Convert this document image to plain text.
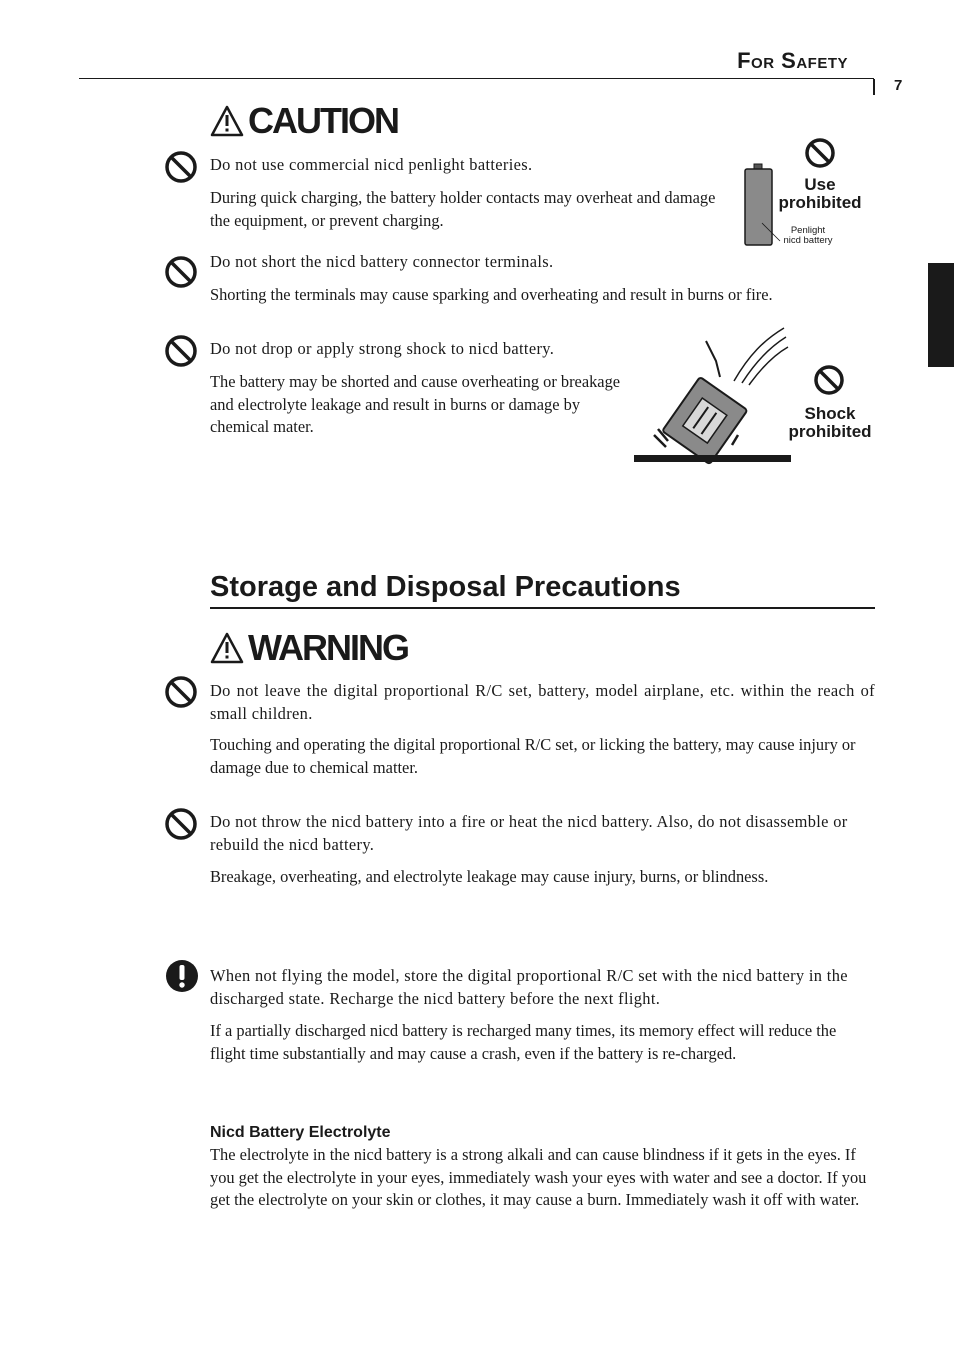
For Safety
7
CAUTION
Do not use commercial nicd penlight batteries.
During quick charging, the battery holder contacts may overheat and damage the equipment, or prevent charging.
Use
prohibited
Penlight
nicd battery
Do not short the nicd battery connector terminals.
Shorting the terminals may cause sparking and overheating and result in burns or fire.
Do not drop or apply strong shock to nicd battery.
The battery may be shorted and cause overheating or breakage and electrolyte leakage and result in burns or damage by chemical mater.
Shock
prohibited
Storage and Disposal Precautions
WARNING
Do not leave the digital proportional R/C set, battery, model airplane, etc. within the reach of small children.
Touching and operating the digital proportional R/C set, or licking the battery, may cause injury or damage due to chemical matter.
Do not throw the nicd battery into a fire or heat the nicd battery. Also, do not disassemble or rebuild the nicd battery.
Breakage, overheating, and electrolyte leakage may cause injury, burns, or blindness.
When not flying the model, store the digital proportional R/C set with the nicd battery in the discharged state. Recharge the nicd battery before the next flight.
If a partially discharged nicd battery is recharged many times, its memory effect will reduce the flight time substantially and may cause a crash, even if the battery is re-charged.
Nicd Battery Electrolyte
The electrolyte in the nicd battery is a strong alkali and can cause blindness if it gets in the eyes. If you get the electrolyte in your eyes, immediately wash your eyes with water and see a doctor. If you get the electrolyte on your skin or clothes, it may cause a burn. Immediately wash it off with water.
